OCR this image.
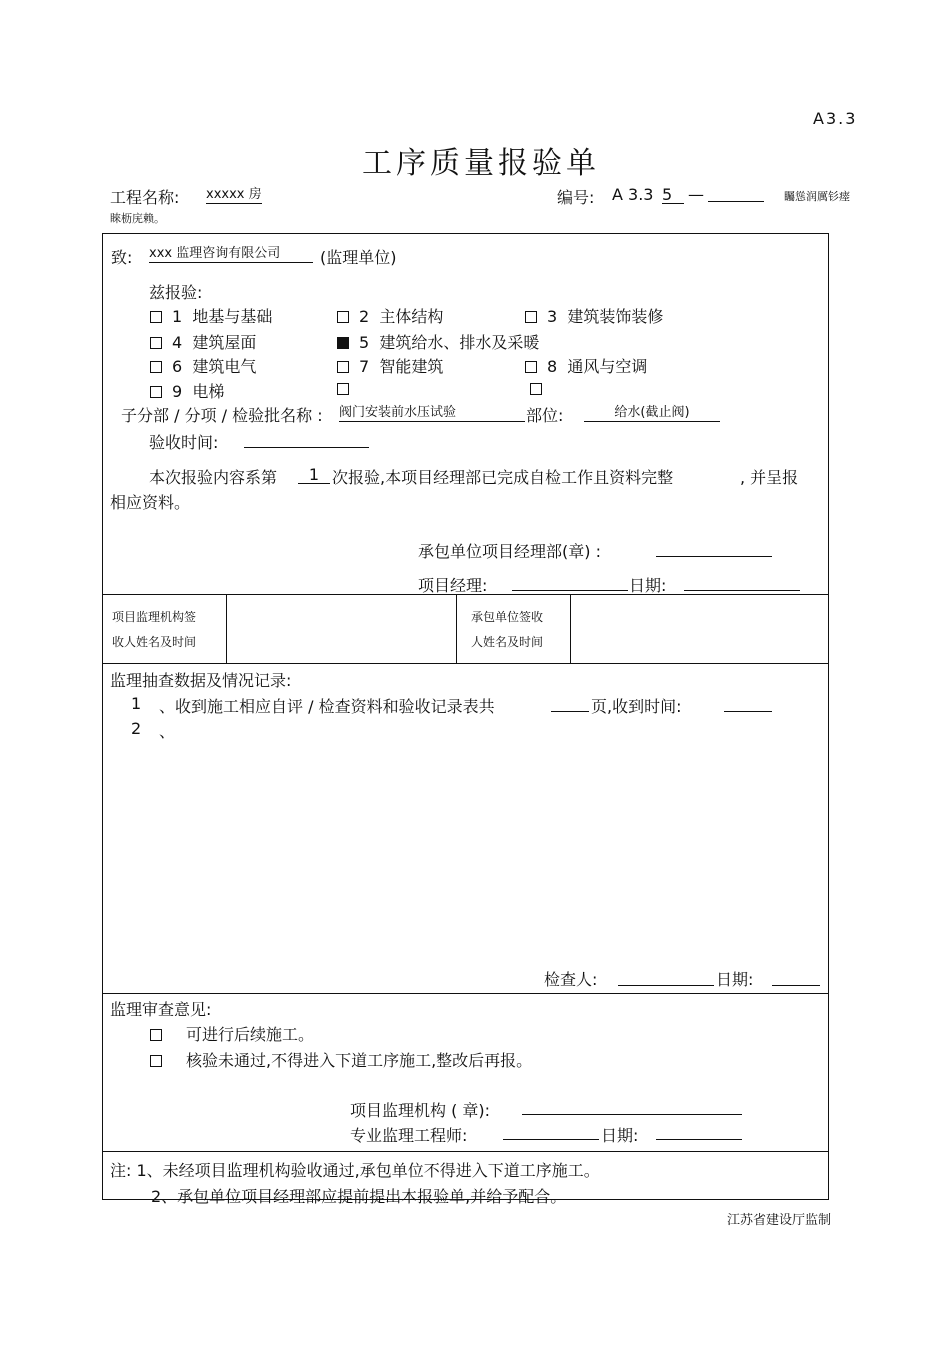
A3.3
工序质量报验单
工程名称: xxxxx 房	编号: A 3.3 5 —	矚慫润厲钐瘗
睞枥庑赖。
致: xxx 监理咨询有限公司	(监理单位)
兹报验:
1 地基与基础	2 主体结构	3 建筑装饰装修
4 建筑屋面	5 建筑给水、排水及采暖
6 建筑电气	7 智能建筑	8 通风与空调
9 电梯
子分部 / 分项 / 检验批名称 : 阀门安装前水压试验	部位:	给水(截止阀)
验收时间:
本次报验内容系第	1 次报验,本项目经理部已完成自检工作且资料完整	, 并呈报
相应资料。
承包单位项目经理部(章) :
项目经理:	日期:
项目监理机构签
收人姓名及时间
承包单位签收
人姓名及时间
监理抽查数据及情况记录:
1 、收到施工相应自评 / 检查资料和验收记录表共	页,收到时间:
2 、
检查人:	日期:
监理审查意见:
可进行后续施工。
核验未通过,不得进入下道工序施工,整改后再报。
项目监理机构 ( 章):
专业监理工程师:	日期:
注: 1、未经项目监理机构验收通过,承包单位不得进入下道工序施工。
2、承包单位项目经理部应提前提出本报验单,并给予配合。
江苏省建设厅监制
